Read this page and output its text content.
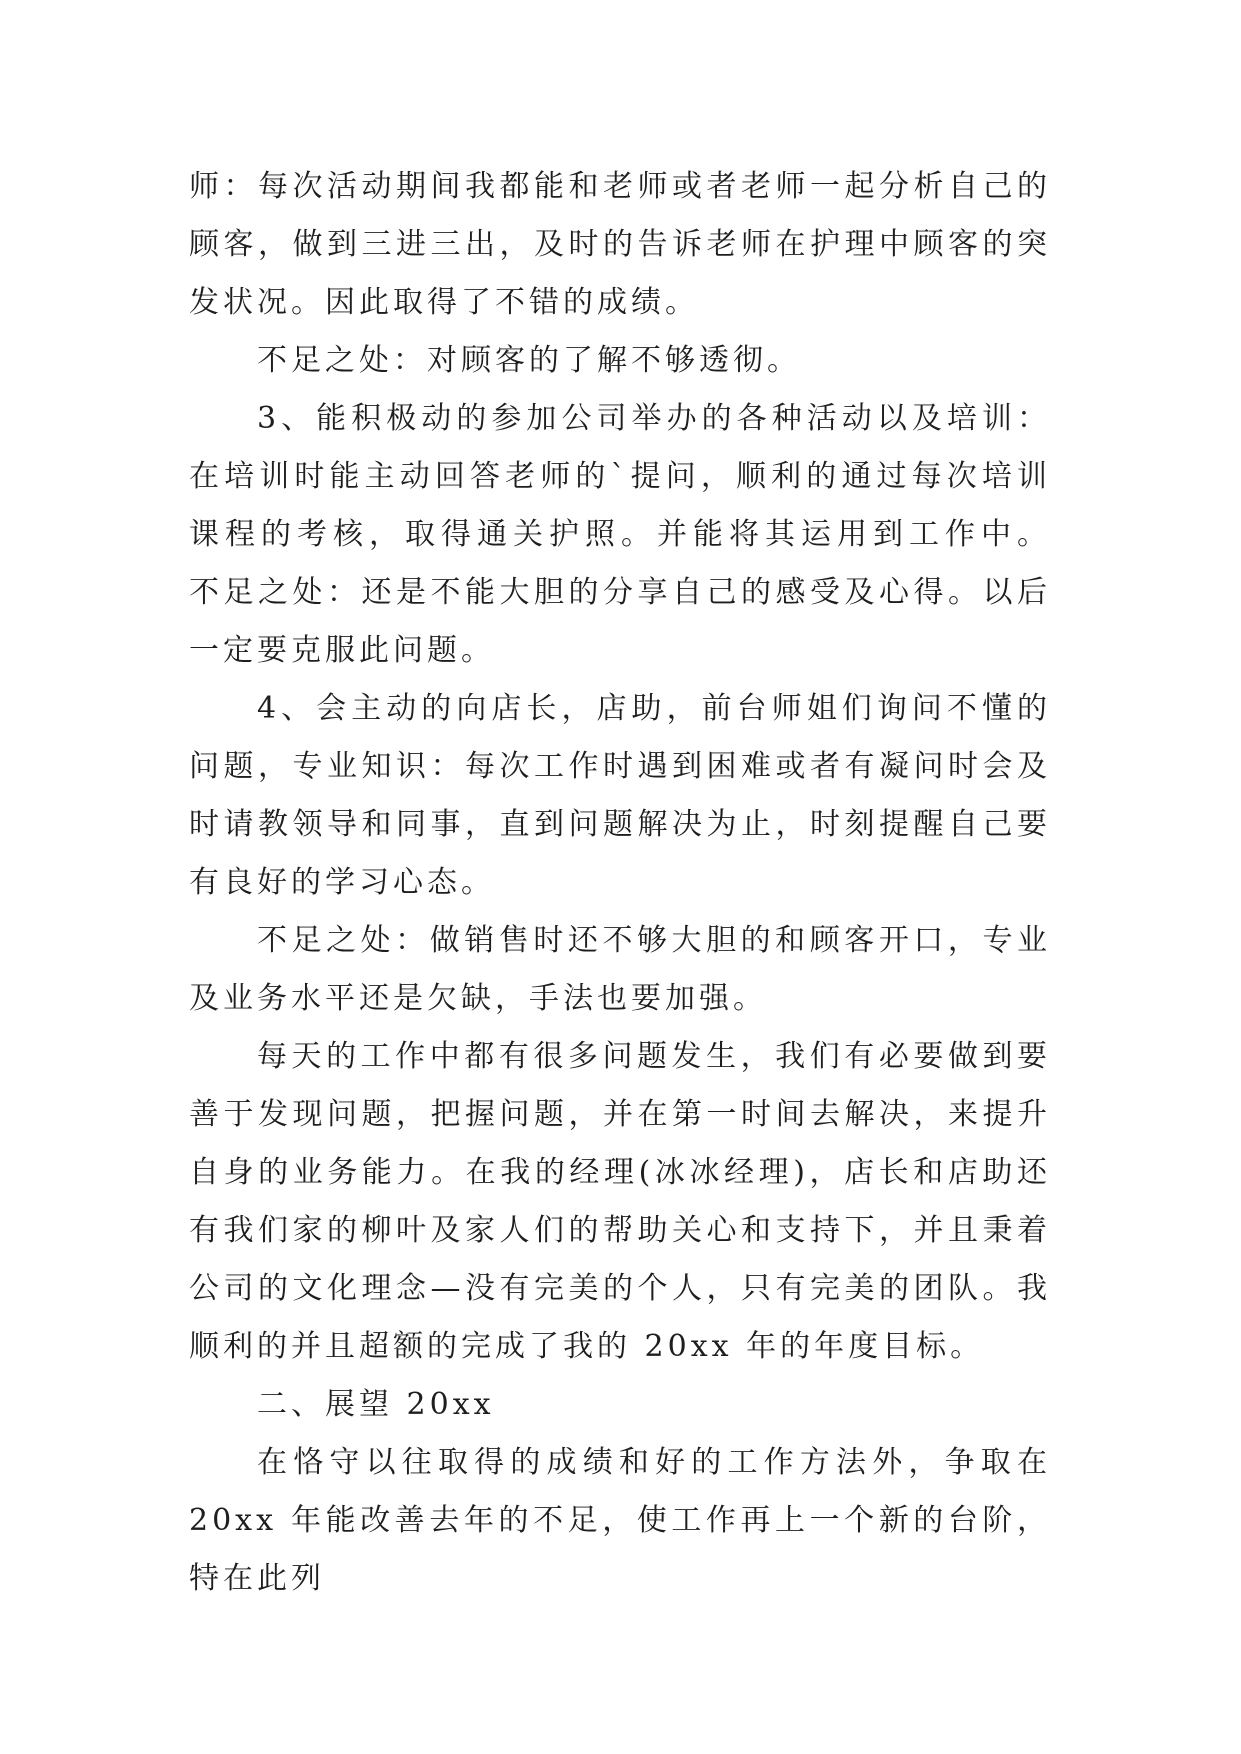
师：每次活动期间我都能和老师或者老师一起分析自己的顾客，做到三进三出，及时的告诉老师在护理中顾客的突发状况。因此取得了不错的成绩。

不足之处：对顾客的了解不够透彻。

3、能积极动的参加公司举办的各种活动以及培训：在培训时能主动回答老师的`提问，顺利的通过每次培训课程的考核，取得通关护照。并能将其运用到工作中。 不足之处：还是不能大胆的分享自己的感受及心得。以后一定要克服此问题。

4、会主动的向店长，店助，前台师姐们询问不懂的问题，专业知识：每次工作时遇到困难或者有凝问时会及时请教领导和同事，直到问题解决为止，时刻提醒自己要有良好的学习心态。

不足之处：做销售时还不够大胆的和顾客开口，专业及业务水平还是欠缺，手法也要加强。

每天的工作中都有很多问题发生，我们有必要做到要善于发现问题，把握问题，并在第一时间去解决，来提升自身的业务能力。在我的经理(冰冰经理)，店长和店助还有我们家的柳叶及家人们的帮助关心和支持下，并且秉着公司的文化理念—没有完美的个人，只有完美的团队。我顺利的并且超额的完成了我的 20xx 年的年度目标。

二、展望 20xx

在恪守以往取得的成绩和好的工作方法外，争取在 20xx 年能改善去年的不足，使工作再上一个新的台阶，特在此列
